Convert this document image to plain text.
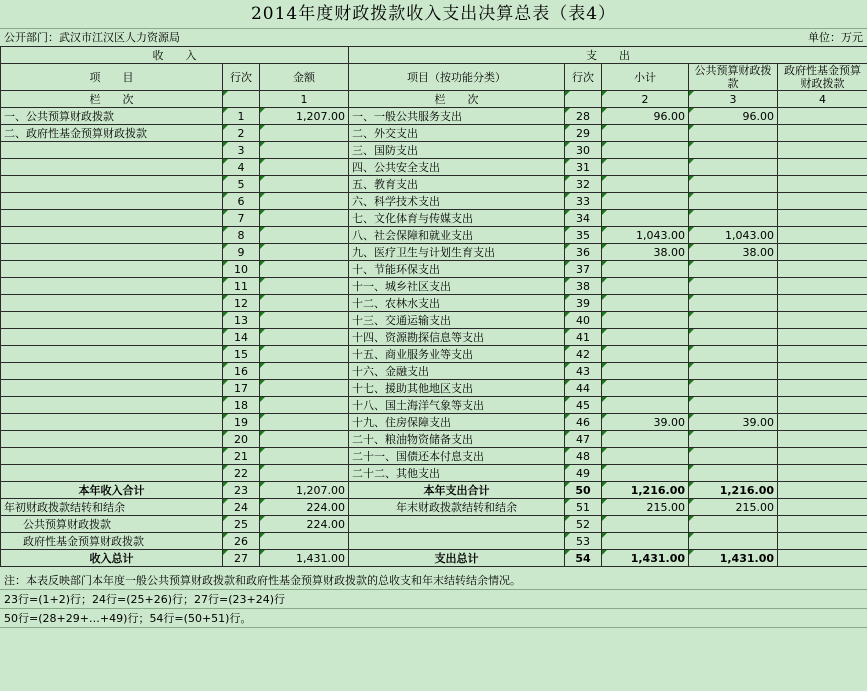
2014年度财政拨款收入支出决算总表（表4）
公开部门：武汉市江汉区人力资源局	单位：万元
收　　入			支　　出				
项　　目	行次	金额	项目（按功能分类）	行次	小计	公共预算财政拨款	政府性基金预算财政拨款
栏　　次		1	栏　　次		2	3	4
一、公共预算财政拨款	1	1,207.00	一、一般公共服务支出	28	96.00	96.00	
二、政府性基金预算财政拨款	2		二、外交支出	29			
	3		三、国防支出	30			
	4		四、公共安全支出	31			
	5		五、教育支出	32			
	6		六、科学技术支出	33			
	7		七、文化体育与传媒支出	34			
	8		八、社会保障和就业支出	35	1,043.00	1,043.00	
	9		九、医疗卫生与计划生育支出	36	38.00	38.00	
	10		十、节能环保支出	37			
	11		十一、城乡社区支出	38			
	12		十二、农林水支出	39			
	13		十三、交通运输支出	40			
	14		十四、资源勘探信息等支出	41			
	15		十五、商业服务业等支出	42			
	16		十六、金融支出	43			
	17		十七、援助其他地区支出	44			
	18		十八、国土海洋气象等支出	45			
	19		十九、住房保障支出	46	39.00	39.00	
	20		二十、粮油物资储备支出	47			
	21		二十一、国债还本付息支出	48			
	22		二十二、其他支出	49			
本年收入合计	23	1,207.00	本年支出合计	50	1,216.00	1,216.00	
年初财政拨款结转和结余	24	224.00	年末财政拨款结转和结余	51	215.00	215.00	
公共预算财政拨款	25	224.00		52			
政府性基金预算财政拨款	26			53			
收入总计	27	1,431.00	支出总计	54	1,431.00	1,431.00	
注：本表反映部门本年度一般公共预算财政拨款和政府性基金预算财政拨款的总收支和年末结转结余情况。
23行=(1+2)行；24行=(25+26)行；27行=(23+24)行
50行=(28+29+…+49)行；54行=(50+51)行。
